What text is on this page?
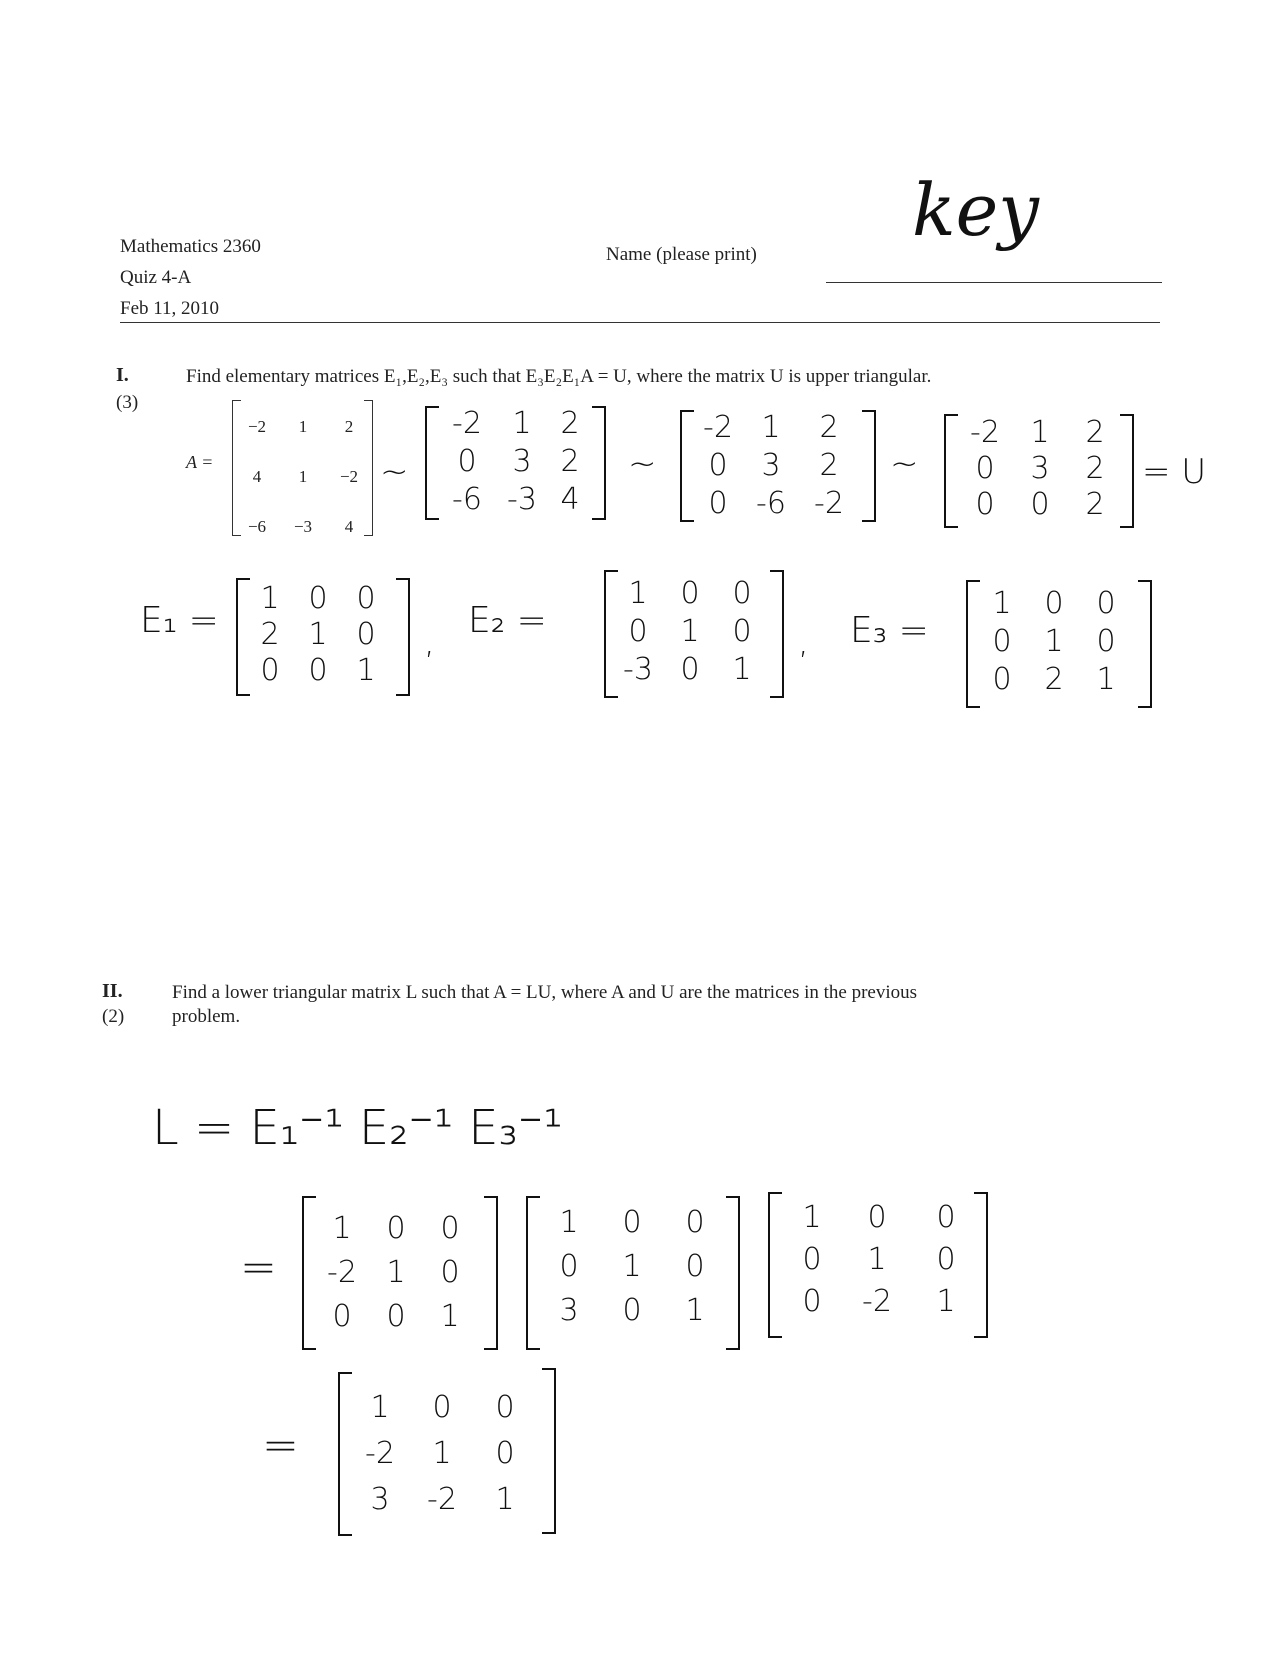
Mathematics 2360
Quiz 4-A
Feb 11, 2010
Name (please print)
key
I.
(3)
Find elementary matrices E₁,E₂,E₃ such that E₃E₂E₁A = U, where the matrix U is upper triangular.
A =
−2 1 2
4 1 −2
−6 −3 4
~
-2 1 2
0 3 2
-6 -3 4
~
-2 1 2
0 3 2
0 -6 -2
~
-2 1 2
0 3 2
0 0 2
= U
E₁ =
1 0 0
2 1 0
0 0 1
,
E₂ =
1 0 0
0 1 0
-3 0 1
, E₃ =
1 0 0
0 1 0
0 2 1
II.
(2)
Find a lower triangular matrix L such that A = LU, where A and U are the matrices in the previous
problem.
L = E₁⁻¹ E₂⁻¹ E₃⁻¹
=
1 0 0
-2 1 0
0 0 1
1 0 0
0 1 0
3 0 1
1 0 0
0 1 0
0 -2 1
=
1 0 0
-2 1 0
3 -2 1
